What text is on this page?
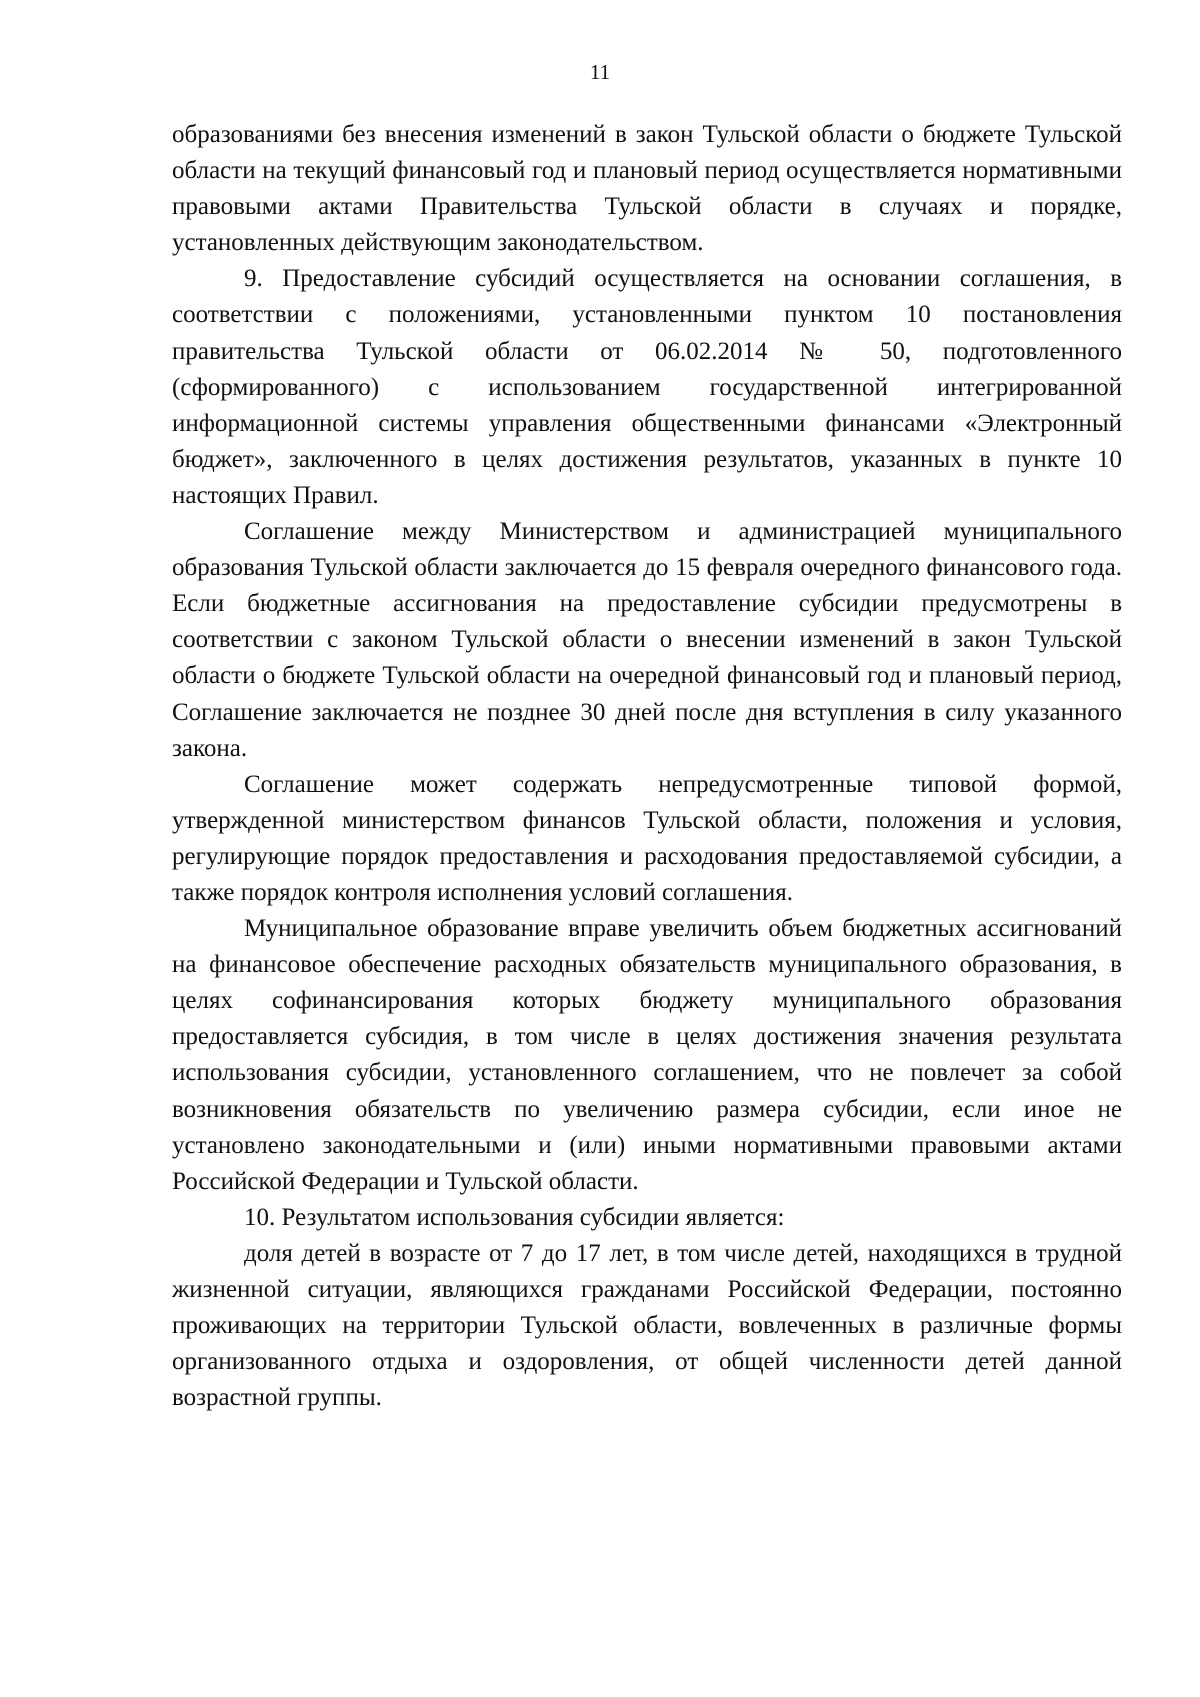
11

образованиями без внесения изменений в закон Тульской области о бюджете Тульской области на текущий финансовый год и плановый период осуществляется нормативными правовыми актами Правительства Тульской области в случаях и порядке, установленных действующим законодательством.

9. Предоставление субсидий осуществляется на основании соглашения, в соответствии с положениями, установленными пунктом 10 постановления правительства Тульской области от 06.02.2014 № 50, подготовленного (сформированного) с использованием государственной интегрированной информационной системы управления общественными финансами «Электронный бюджет», заключенного в целях достижения результатов, указанных в пункте 10 настоящих Правил.

Соглашение между Министерством и администрацией муниципального образования Тульской области заключается до 15 февраля очередного финансового года. Если бюджетные ассигнования на предоставление субсидии предусмотрены в соответствии с законом Тульской области о внесении изменений в закон Тульской области о бюджете Тульской области на очередной финансовый год и плановый период, Соглашение заключается не позднее 30 дней после дня вступления в силу указанного закона.

Соглашение может содержать непредусмотренные типовой формой, утвержденной министерством финансов Тульской области, положения и условия, регулирующие порядок предоставления и расходования предоставляемой субсидии, а также порядок контроля исполнения условий соглашения.

Муниципальное образование вправе увеличить объем бюджетных ассигнований на финансовое обеспечение расходных обязательств муниципального образования, в целях софинансирования которых бюджету муниципального образования предоставляется субсидия, в том числе в целях достижения значения результата использования субсидии, установленного соглашением, что не повлечет за собой возникновения обязательств по увеличению размера субсидии, если иное не установлено законодательными и (или) иными нормативными правовыми актами Российской Федерации и Тульской области.

10. Результатом использования субсидии является:

доля детей в возрасте от 7 до 17 лет, в том числе детей, находящихся в трудной жизненной ситуации, являющихся гражданами Российской Федерации, постоянно проживающих на территории Тульской области, вовлеченных в различные формы организованного отдыха и оздоровления, от общей численности детей данной возрастной группы.
